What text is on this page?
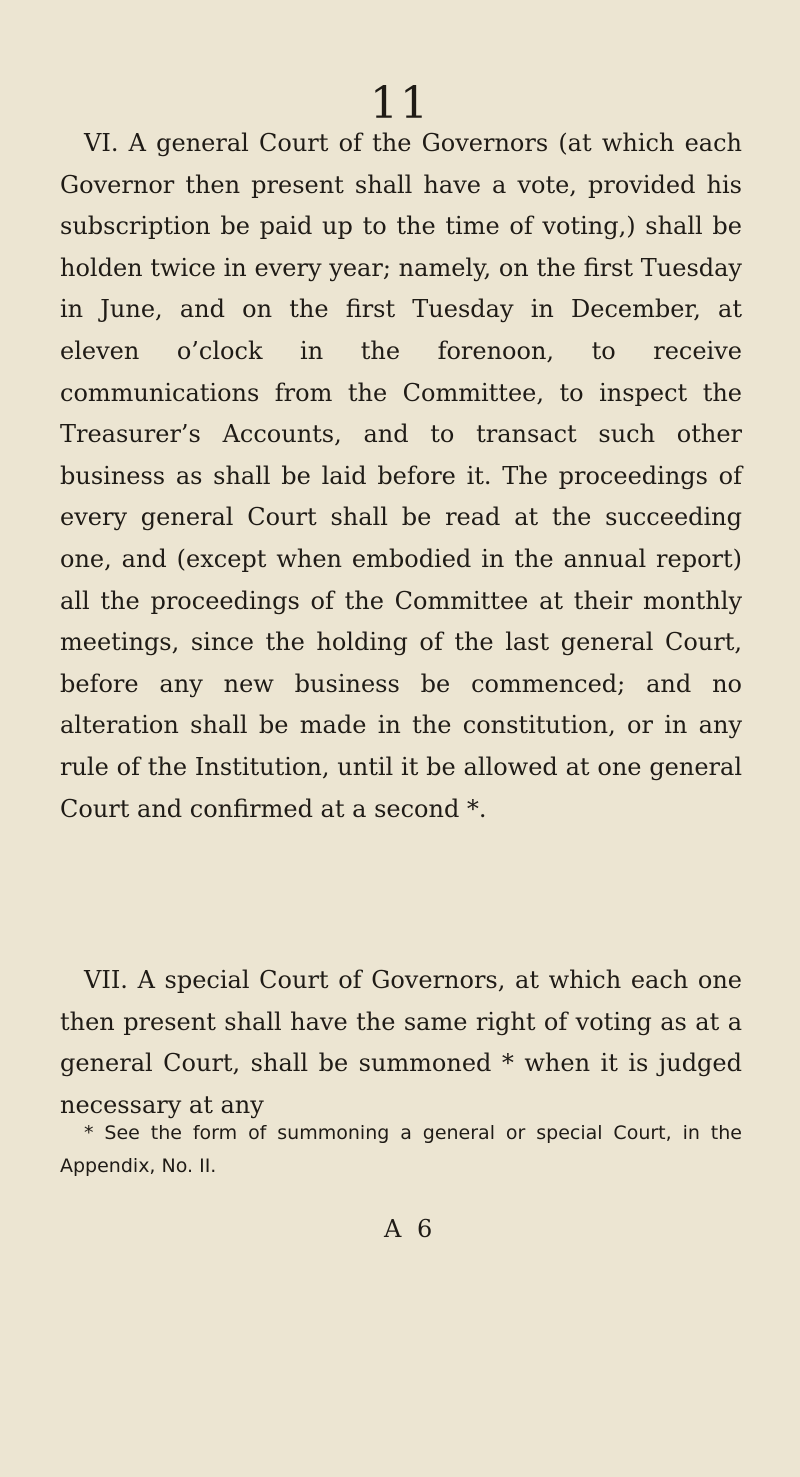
11

VI. A general Court of the Governors (at which each Governor then present shall have a vote, provided his subscription be paid up to the time of voting,) shall be holden twice in every year; namely, on the first Tuesday in June, and on the first Tuesday in December, at eleven o’clock in the forenoon, to receive communications from the Committee, to inspect the Treasurer’s Accounts, and to transact such other business as shall be laid before it. The proceedings of every general Court shall be read at the succeeding one, and (except when embodied in the annual report) all the proceedings of the Committee at their monthly meetings, since the holding of the last general Court, before any new business be commenced; and no alteration shall be made in the constitution, or in any rule of the Institution, until it be allowed at one general Court and confirmed at a second *.

VII. A special Court of Governors, at which each one then present shall have the same right of voting as at a general Court, shall be summoned * when it is judged necessary at any

* See the form of summoning a general or special Court, in the Appendix, No. II.

A 6
